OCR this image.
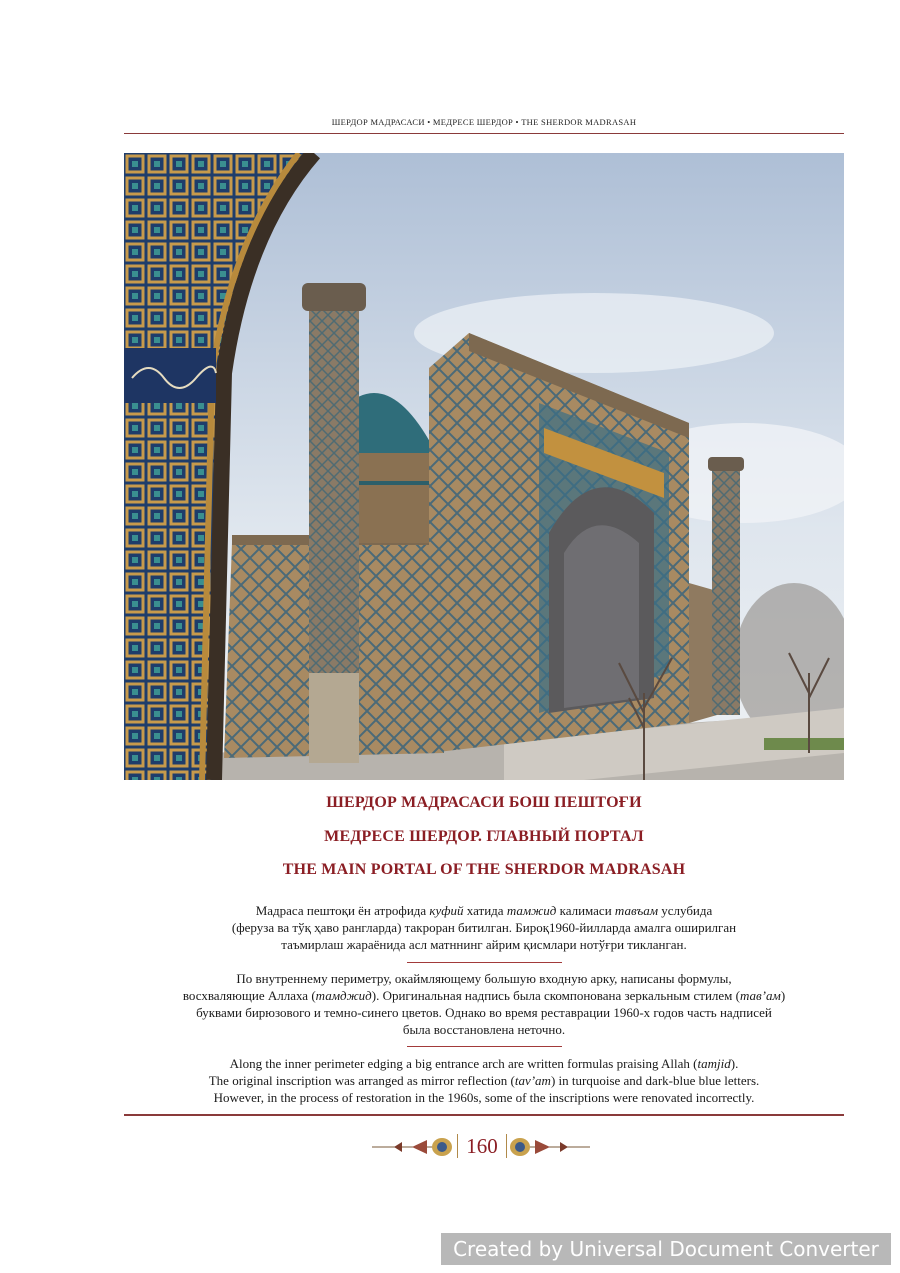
ШЕРДОР МАДРАСАСИ • МЕДРЕСЕ ШЕРДОР • THE SHERDOR MADRASAH
ШЕРДОР МАДРАСАСИ БОШ ПЕШТОҒИ
МЕДРЕСЕ ШЕРДОР. ГЛАВНЫЙ ПОРТАЛ
THE MAIN PORTAL OF THE SHERDOR MADRASAH
Мадраса пештоқи ён атрофида куфий хатида тамжид калимаси тавъам услубида
(феруза ва тўқ ҳаво рангларда) такроран битилган. Бироқ1960-йилларда амалга оширилган
таъмирлаш жараёнида асл матннинг айрим қисмлари нотўғри тикланган.
По внутреннему периметру, окаймляющему большую входную арку, написаны формулы,
восхваляющие Аллаха (тамджид). Оригинальная надпись была скомпонована зеркальным стилем (тав’ам)
буквами бирюзового и темно-синего цветов. Однако во время реставрации 1960-х годов часть надписей
была восстановлена неточно.
Along the inner perimeter edging a big entrance arch are written formulas praising Allah (tamjid).
The original inscription was arranged as mirror reflection (tav’am) in turquoise and dark-blue blue letters.
However, in the process of restoration in the 1960s, some of the inscriptions were renovated incorrectly.
160
Created by Universal Document Converter
